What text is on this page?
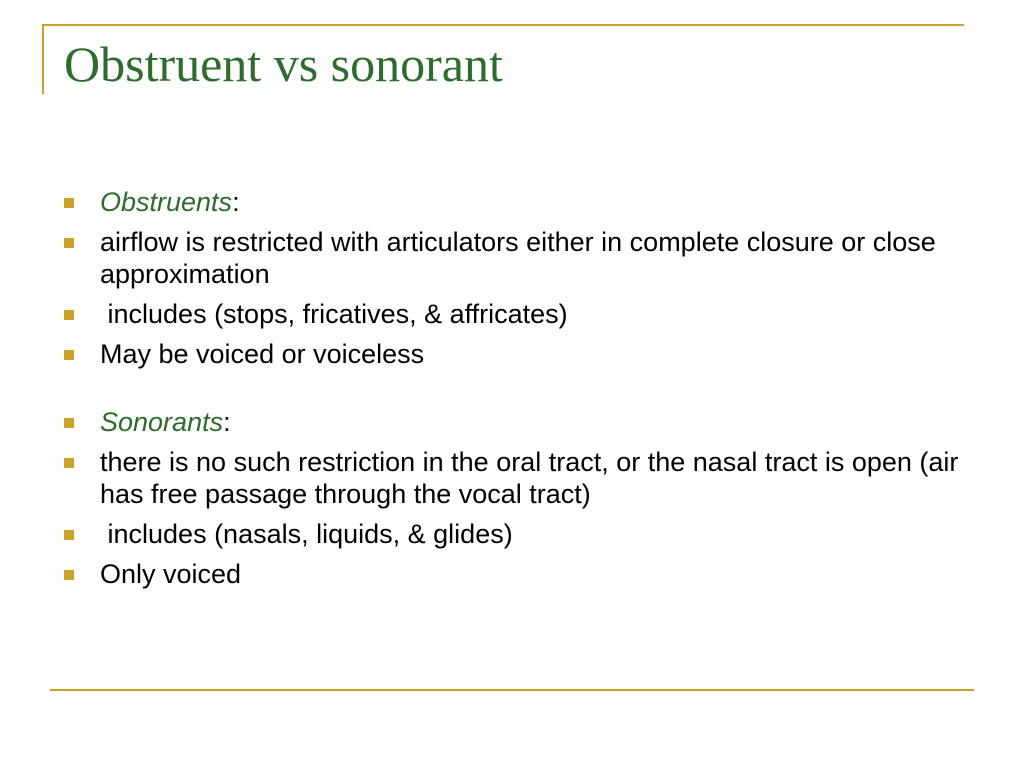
Obstruent vs sonorant
Obstruents:
airflow is restricted with articulators either in complete closure or close approximation
includes (stops, fricatives, & affricates)
May be voiced or voiceless
Sonorants:
there is no such restriction in the oral tract, or the nasal tract is open (air has free passage through the vocal tract)
includes (nasals, liquids, & glides)
Only voiced
